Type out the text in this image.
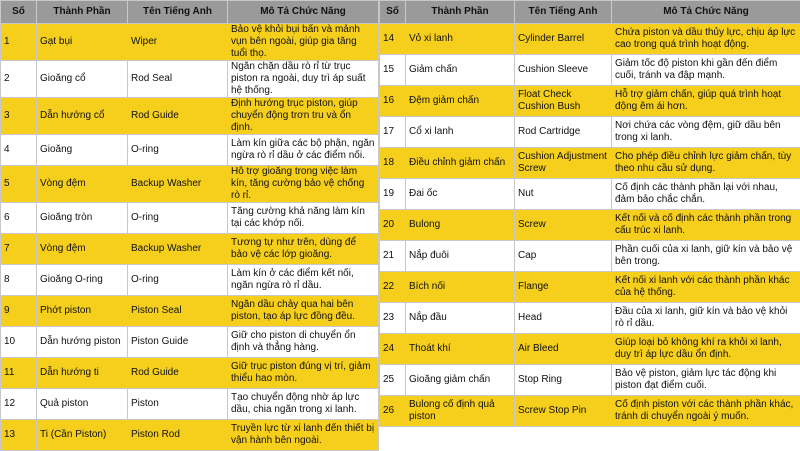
Số	Thành Phần	Tên Tiếng Anh	Mô Tả Chức Năng
1	Gạt bụi	Wiper	Bảo vệ khỏi bụi bẩn và mảnh vụn bên ngoài, giúp gia tăng tuổi thọ.
2	Gioăng cổ	Rod Seal	Ngăn chặn dầu rò rỉ từ trục piston ra ngoài, duy trì áp suất hệ thống.
3	Dẫn hướng cổ	Rod Guide	Định hướng trục piston, giúp chuyển động trơn tru và ổn định.
4	Gioăng	O-ring	Làm kín giữa các bộ phận, ngăn ngừa rò rỉ dầu ở các điểm nối.
5	Vòng đệm	Backup Washer	Hỗ trợ gioăng trong việc làm kín, tăng cường bảo vệ chống rò rỉ.
6	Gioăng tròn	O-ring	Tăng cường khả năng làm kín tại các khớp nối.
7	Vòng đệm	Backup Washer	Tương tự như trên, dùng để bảo vệ các lớp gioăng.
8	Gioăng O-ring	O-ring	Làm kín ở các điểm kết nối, ngăn ngừa rò rỉ dầu.
9	Phớt piston	Piston Seal	Ngăn dầu chảy qua hai bên piston, tạo áp lực đồng đều.
10	Dẫn hướng piston	Piston Guide	Giữ cho piston di chuyển ổn định và thẳng hàng.
11	Dẫn hướng ti	Rod Guide	Giữ trục piston đúng vị trí, giảm thiểu hao mòn.
12	Quả piston	Piston	Tạo chuyển động nhờ áp lực dầu, chia ngăn trong xi lanh.
13	Ti (Cần Piston)	Piston Rod	Truyền lực từ xi lanh đến thiết bị vận hành bên ngoài.
Số	Thành Phần	Tên Tiếng Anh	Mô Tả Chức Năng
14	Vỏ xi lanh	Cylinder Barrel	Chứa piston và dầu thủy lực, chịu áp lực cao trong quá trình hoạt động.
15	Giảm chấn	Cushion Sleeve	Giảm tốc độ piston khi gần đến điểm cuối, tránh va đập mạnh.
16	Đệm giảm chấn	Float Check Cushion Bush	Hỗ trợ giảm chấn, giúp quá trình hoạt động êm ái hơn.
17	Cổ xi lanh	Rod Cartridge	Nơi chứa các vòng đệm, giữ dầu bên trong xi lanh.
18	Điều chỉnh giảm chấn	Cushion Adjustment Screw	Cho phép điều chỉnh lực giảm chấn, tùy theo nhu cầu sử dụng.
19	Đai ốc	Nut	Cố định các thành phần lại với nhau, đảm bảo chắc chắn.
20	Bulong	Screw	Kết nối và cố định các thành phần trong cấu trúc xi lanh.
21	Nắp đuôi	Cap	Phần cuối của xi lanh, giữ kín và bảo vệ bên trong.
22	Bích nối	Flange	Kết nối xi lanh với các thành phần khác của hệ thống.
23	Nắp đầu	Head	Đầu của xi lanh, giữ kín và bảo vệ khỏi rò rỉ dầu.
24	Thoát khí	Air Bleed	Giúp loại bỏ không khí ra khỏi xi lanh, duy trì áp lực dầu ổn định.
25	Gioăng giảm chấn	Stop Ring	Bảo vệ piston, giảm lực tác động khi piston đạt điểm cuối.
26	Bulong cố định quả piston	Screw Stop Pin	Cố định piston với các thành phần khác, tránh di chuyển ngoài ý muốn.
